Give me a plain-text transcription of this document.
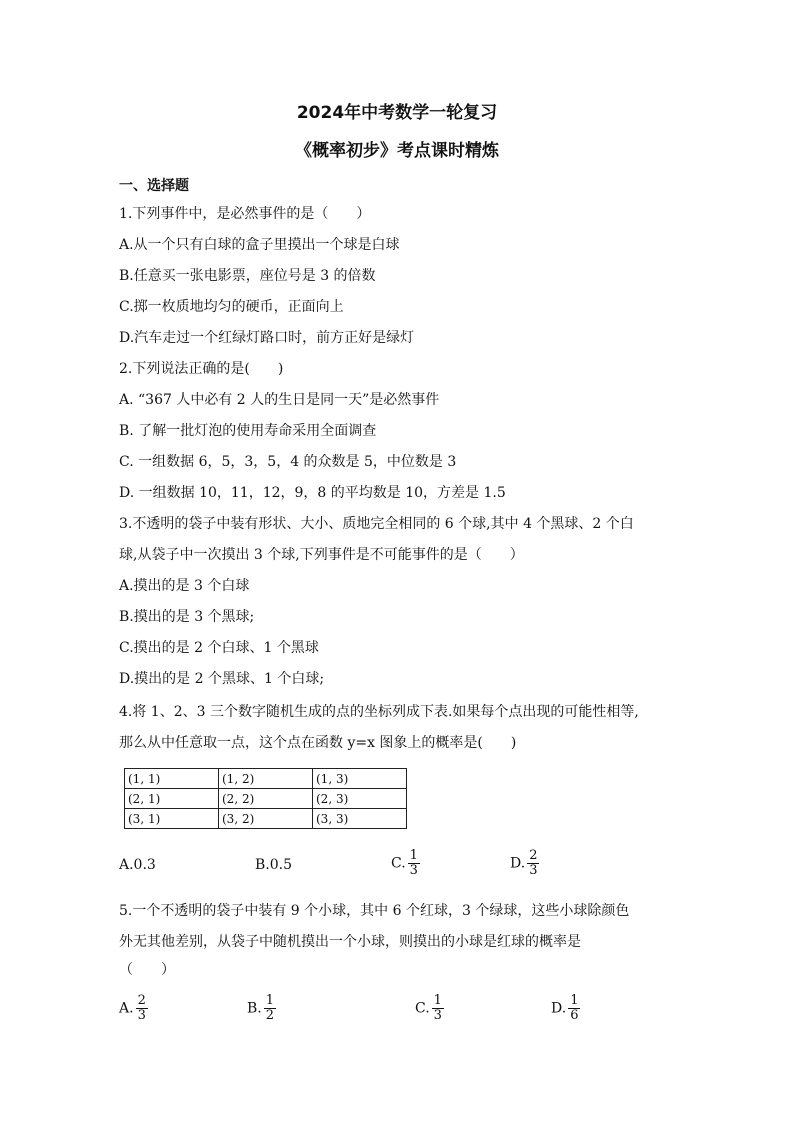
2024年中考数学一轮复习
《概率初步》考点课时精炼
一、选择题
1.下列事件中，是必然事件的是（　　）
A.从一个只有白球的盒子里摸出一个球是白球
B.任意买一张电影票，座位号是 3 的倍数
C.掷一枚质地均匀的硬币，正面向上
D.汽车走过一个红绿灯路口时，前方正好是绿灯
2.下列说法正确的是(　　)
A. “367 人中必有 2 人的生日是同一天”是必然事件
B. 了解一批灯泡的使用寿命采用全面调查
C. 一组数据 6，5，3，5，4 的众数是 5，中位数是 3
D. 一组数据 10，11，12，9，8 的平均数是 10，方差是 1.5
3.不透明的袋子中装有形状、大小、质地完全相同的 6 个球,其中 4 个黑球、2 个白
球,从袋子中一次摸出 3 个球,下列事件是不可能事件的是（　　）
A.摸出的是 3 个白球
B.摸出的是 3 个黑球;
C.摸出的是 2 个白球、1 个黑球
D.摸出的是 2 个黑球、1 个白球;
4.将 1、2、3 三个数字随机生成的点的坐标列成下表.如果每个点出现的可能性相等,
那么从中任意取一点，这个点在函数 y=x 图象上的概率是(　　)
(1, 1)	(1, 2)	(1, 3)
(2, 1)	(2, 2)	(2, 3)
(3, 1)	(3, 2)	(3, 3)
A.0.3	B.0.5	C. $\frac{1}{3}$	D. $\frac{2}{3}$
5.一个不透明的袋子中装有 9 个小球，其中 6 个红球，3 个绿球，这些小球除颜色
外无其他差别，从袋子中随机摸出一个小球，则摸出的小球是红球的概率是
（　　）
A. $\frac{2}{3}$	B. $\frac{1}{2}$	C. $\frac{1}{3}$	D. $\frac{1}{6}$
